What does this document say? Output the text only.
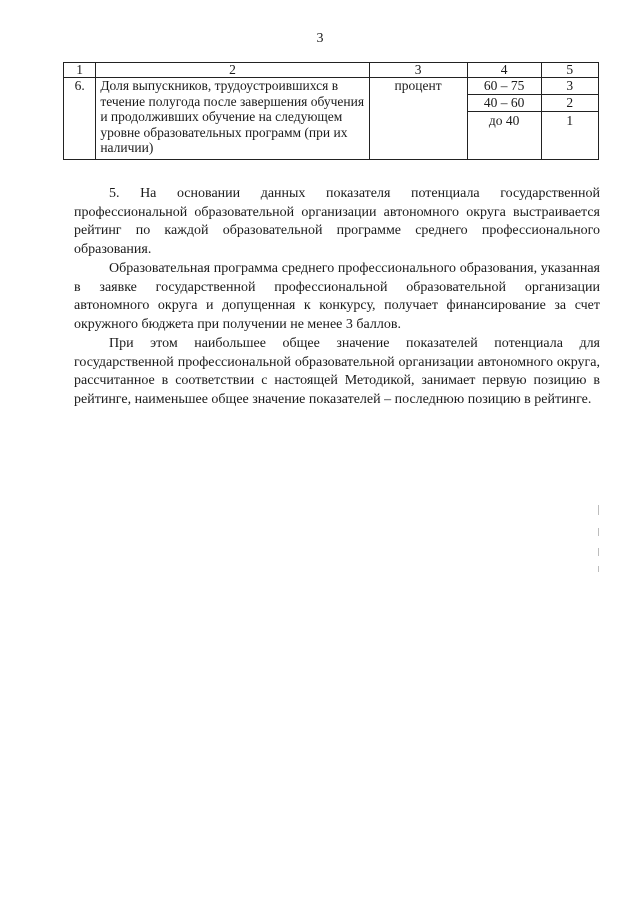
3
1	2	3	4	5
6.	Доля выпускников, трудоустроившихся в течение полугода после завершения обучения и продолживших обучение на следующем уровне образовательных программ (при их наличии)	процент	60 – 75	3
			40 – 60	2
			до 40	1

5. На основании данных показателя потенциала государственной профессиональной образовательной организации автономного округа выстраивается рейтинг по каждой образовательной программе среднего профессионального образования.

Образовательная программа среднего профессионального образования, указанная в заявке государственной профессиональной образовательной организации автономного округа и допущенная к конкурсу, получает финансирование за счет окружного бюджета при получении не менее 3 баллов.

При этом наибольшее общее значение показателей потенциала для государственной профессиональной образовательной организации автономного округа, рассчитанное в соответствии с настоящей Методикой, занимает первую позицию в рейтинге, наименьшее общее значение показателей – последнюю позицию в рейтинге.
